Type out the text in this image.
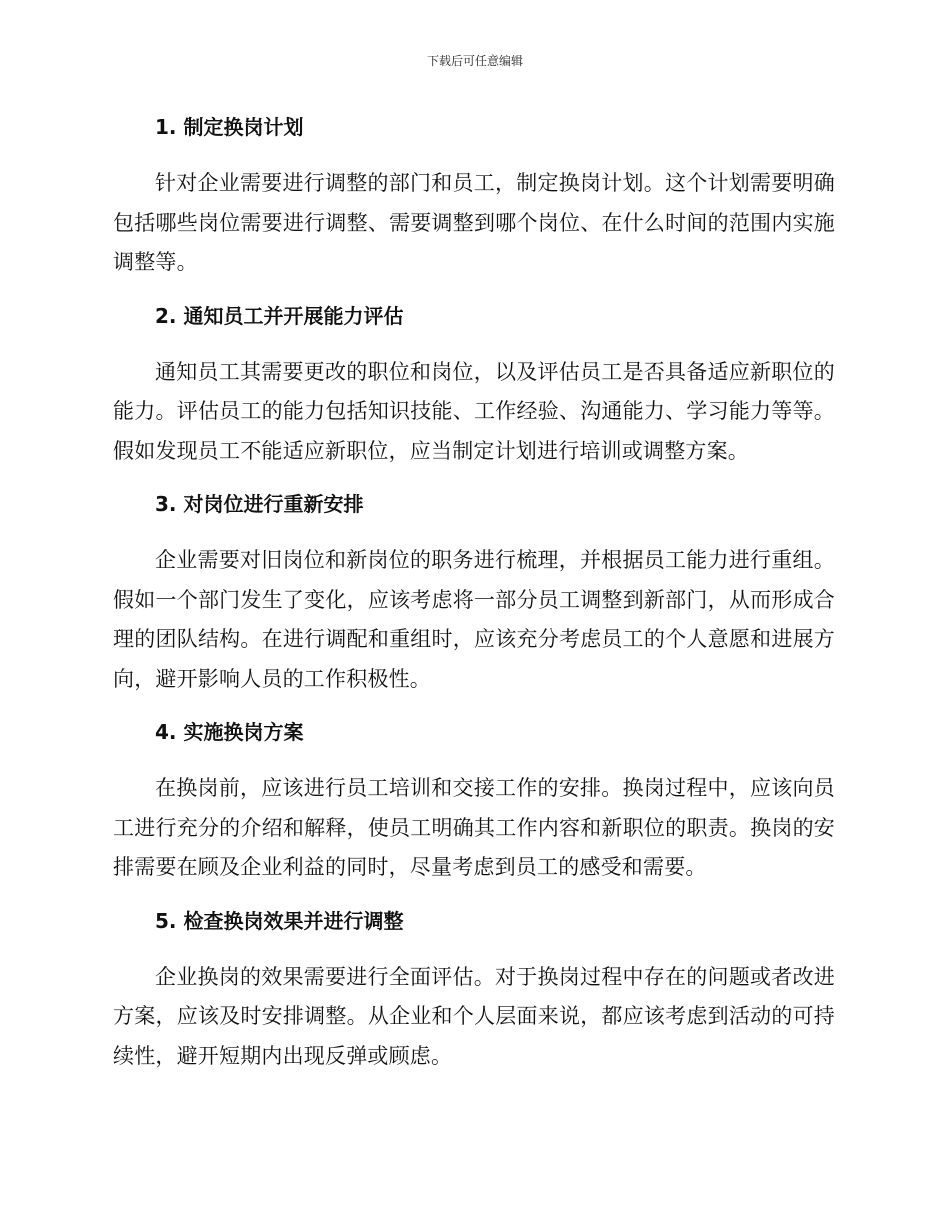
下载后可任意编辑
1. 制定换岗计划

针对企业需要进行调整的部门和员工，制定换岗计划。这个计划需要明确包括哪些岗位需要进行调整、需要调整到哪个岗位、在什么时间的范围内实施调整等。

2. 通知员工并开展能力评估

通知员工其需要更改的职位和岗位，以及评估员工是否具备适应新职位的能力。评估员工的能力包括知识技能、工作经验、沟通能力、学习能力等等。假如发现员工不能适应新职位，应当制定计划进行培训或调整方案。

3. 对岗位进行重新安排

企业需要对旧岗位和新岗位的职务进行梳理，并根据员工能力进行重组。假如一个部门发生了变化，应该考虑将一部分员工调整到新部门，从而形成合理的团队结构。在进行调配和重组时，应该充分考虑员工的个人意愿和进展方向，避开影响人员的工作积极性。

4. 实施换岗方案

在换岗前，应该进行员工培训和交接工作的安排。换岗过程中，应该向员工进行充分的介绍和解释，使员工明确其工作内容和新职位的职责。换岗的安排需要在顾及企业利益的同时，尽量考虑到员工的感受和需要。

5. 检查换岗效果并进行调整

企业换岗的效果需要进行全面评估。对于换岗过程中存在的问题或者改进方案，应该及时安排调整。从企业和个人层面来说，都应该考虑到活动的可持续性，避开短期内出现反弹或顾虑。
